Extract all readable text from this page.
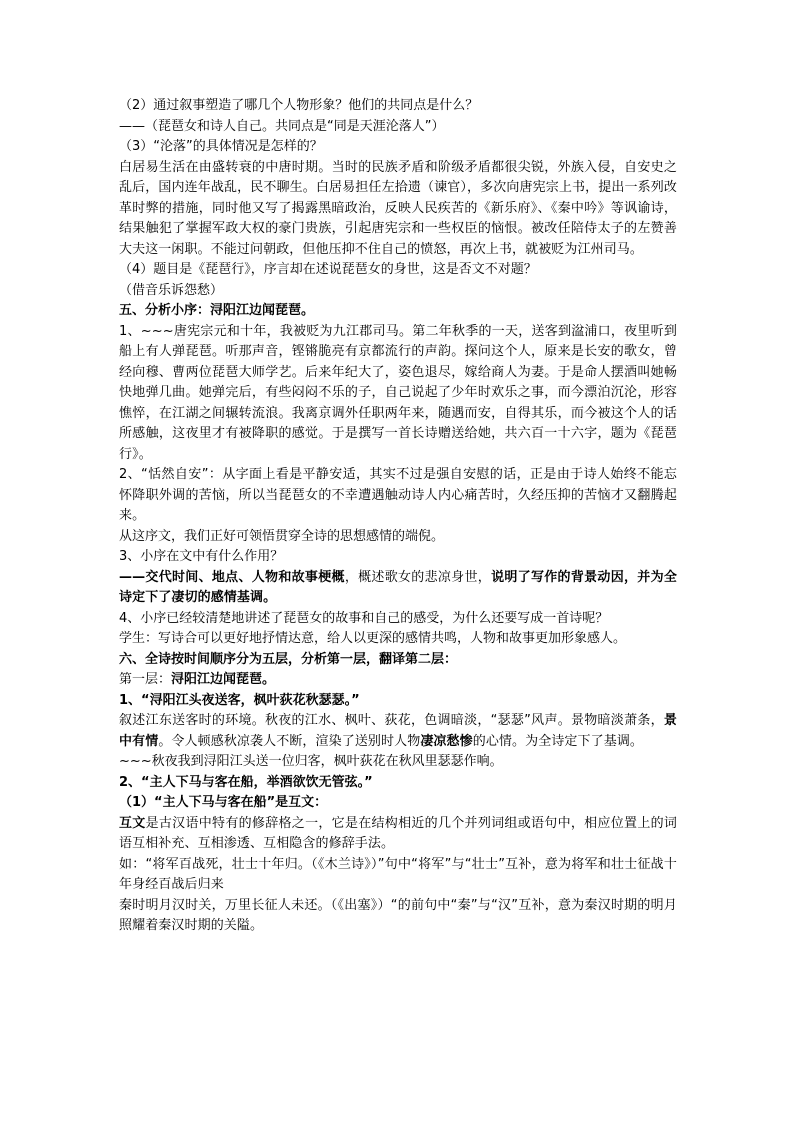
（2）通过叙事塑造了哪几个人物形象？他们的共同点是什么？

——（琵琶女和诗人自己。共同点是“同是天涯沦落人”）

（3）“沦落”的具体情况是怎样的？

白居易生活在由盛转衰的中唐时期。当时的民族矛盾和阶级矛盾都很尖锐，外族入侵，自安史之乱后，国内连年战乱，民不聊生。白居易担任左拾遗（谏官），多次向唐宪宗上书，提出一系列改革时弊的措施，同时他又写了揭露黑暗政治，反映人民疾苦的《新乐府》、《秦中吟》等讽谕诗，结果触犯了掌握军政大权的豪门贵族，引起唐宪宗和一些权臣的恼恨。被改任陪侍太子的左赞善大夫这一闲职。不能过问朝政，但他压抑不住自己的愤怒，再次上书，就被贬为江州司马。

（4）题目是《琵琶行》，序言却在述说琵琶女的身世，这是否文不对题？

（借音乐诉怨愁）

五、分析小序：浔阳江边闻琵琶。

1、~~~唐宪宗元和十年，我被贬为九江郡司马。第二年秋季的一天，送客到湓浦口，夜里听到船上有人弹琵琶。听那声音，铿锵脆亮有京都流行的声韵。探问这个人，原来是长安的歌女，曾经向穆、曹两位琵琶大师学艺。后来年纪大了，姿色退尽，嫁给商人为妻。于是命人摆酒叫她畅快地弹几曲。她弹完后，有些闷闷不乐的子，自己说起了少年时欢乐之事，而今漂泊沉沦，形容憔悴，在江湖之间辗转流浪。我离京调外任职两年来，随遇而安，自得其乐，而今被这个人的话所感触，这夜里才有被降职的感觉。于是撰写一首长诗赠送给她，共六百一十六字，题为《琵琶行》。

2、“恬然自安”：从字面上看是平静安适，其实不过是强自安慰的话，正是由于诗人始终不能忘怀降职外调的苦恼，所以当琵琶女的不幸遭遇触动诗人内心痛苦时，久经压抑的苦恼才又翻腾起来。

从这序文，我们正好可领悟贯穿全诗的思想感情的端倪。

3、小序在文中有什么作用？

——交代时间、地点、人物和故事梗概，概述歌女的悲凉身世，说明了写作的背景动因，并为全诗定下了凄切的感情基调。

4、小序已经较清楚地讲述了琵琶女的故事和自己的感受，为什么还要写成一首诗呢？

学生：写诗合可以更好地抒情达意，给人以更深的感情共鸣，人物和故事更加形象感人。

六、全诗按时间顺序分为五层，分析第一层，翻译第二层：

第一层：浔阳江边闻琵琶。

1、“浔阳江头夜送客，枫叶荻花秋瑟瑟。”

叙述江东送客时的环境。秋夜的江水、枫叶、荻花，色调暗淡，“瑟瑟”风声。景物暗淡萧条，景中有情。令人顿感秋凉袭人不断，渲染了送别时人物凄凉愁惨的心情。为全诗定下了基调。

~~~秋夜我到浔阳江头送一位归客，枫叶荻花在秋风里瑟瑟作响。

2、“主人下马与客在船，举酒欲饮无管弦。”

（1）“主人下马与客在船”是互文：

互文是古汉语中特有的修辞格之一，它是在结构相近的几个并列词组或语句中，相应位置上的词语互相补充、互相渗透、互相隐含的修辞手法。

如：“将军百战死，壮士十年归。（《木兰诗》）”句中“将军”与“壮士”互补，意为将军和壮士征战十年身经百战后归来

秦时明月汉时关，万里长征人未还。（《出塞》）“的前句中“秦”与“汉”互补，意为秦汉时期的明月照耀着秦汉时期的关隘。
